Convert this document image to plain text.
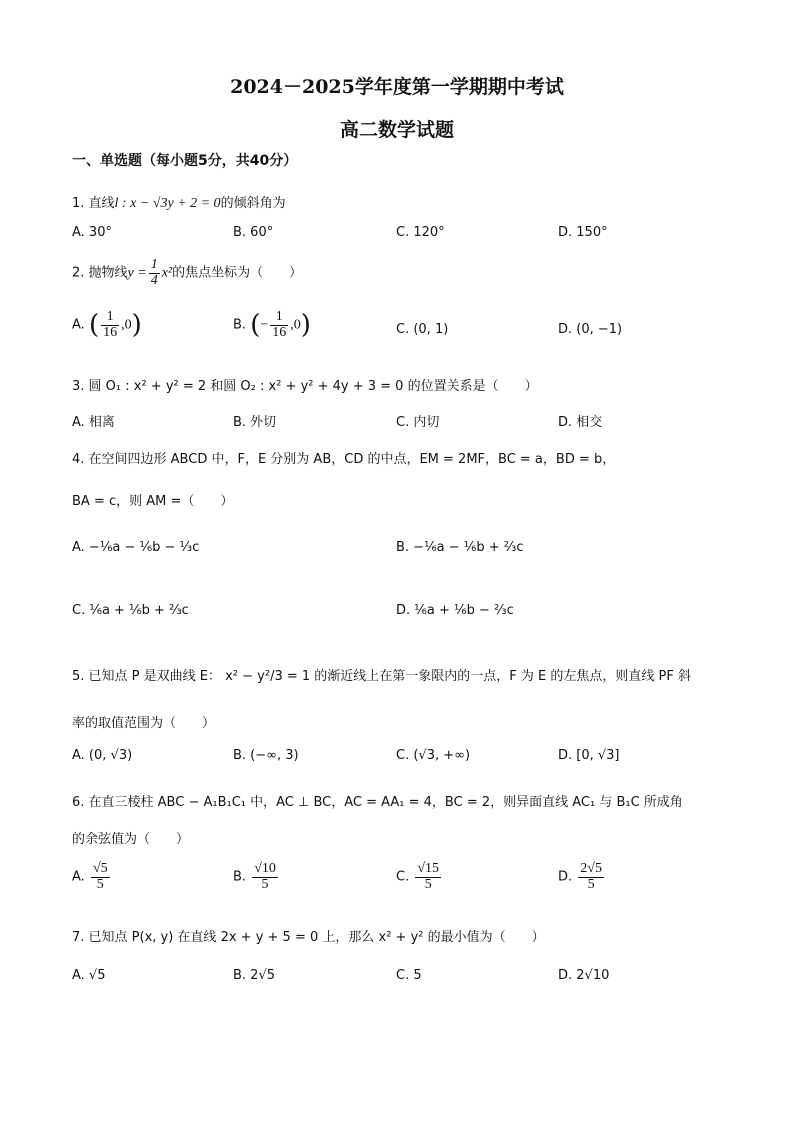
2024－2025学年度第一学期期中考试
高二数学试题
一、单选题（每小题5分，共40分）
1. 直线l : x − √3y + 2 = 0的倾斜角为
A. 30°	B. 60°	C. 120°	D. 150°
2. 抛物线$y = \frac{1}{4} x^2$的焦点坐标为（　　）
A. ( $\frac{1}{16} ,0$)	B. (− $\frac{1}{16} ,0$)	C. (0, 1)	D. (0, −1)
3. 圆 O₁ : x² + y² = 2 和圆 O₂ : x² + y² + 4y + 3 = 0 的位置关系是（　　）
A. 相离	B. 外切	C. 内切	D. 相交
4. 在空间四边形 ABCD 中，F，E 分别为 AB，CD 的中点，EM = 2MF，BC = a，BD = b，
BA = c，则 AM =（　　）
A. −⅙a − ⅙b − ⅓c	B. −⅙a − ⅙b + ⅔c
C. ⅙a + ⅙b + ⅔c	D. ⅙a + ⅙b − ⅔c
5. 已知点 P 是双曲线 E： x² − y²/3 = 1 的渐近线上在第一象限内的一点，F 为 E 的左焦点，则直线 PF 斜
率的取值范围为（　　）
A. (0, √3)	B. (−∞, 3)	C. (√3, +∞)	D. [0, √3]
6. 在直三棱柱 ABC − A₁B₁C₁ 中，AC ⊥ BC，AC = AA₁ = 4，BC = 2，则异面直线 AC₁ 与 B₁C 所成角
的余弦值为（　　）
A. $\frac{√5}{5}$	B. $\frac{√10}{5}$	C. $\frac{√15}{5}$	D. $\frac{2√5}{5}$
7. 已知点 P(x, y) 在直线 2x + y + 5 = 0 上，那么 x² + y² 的最小值为（　　）
A. √5	B. 2√5	C. 5	D. 2√10
